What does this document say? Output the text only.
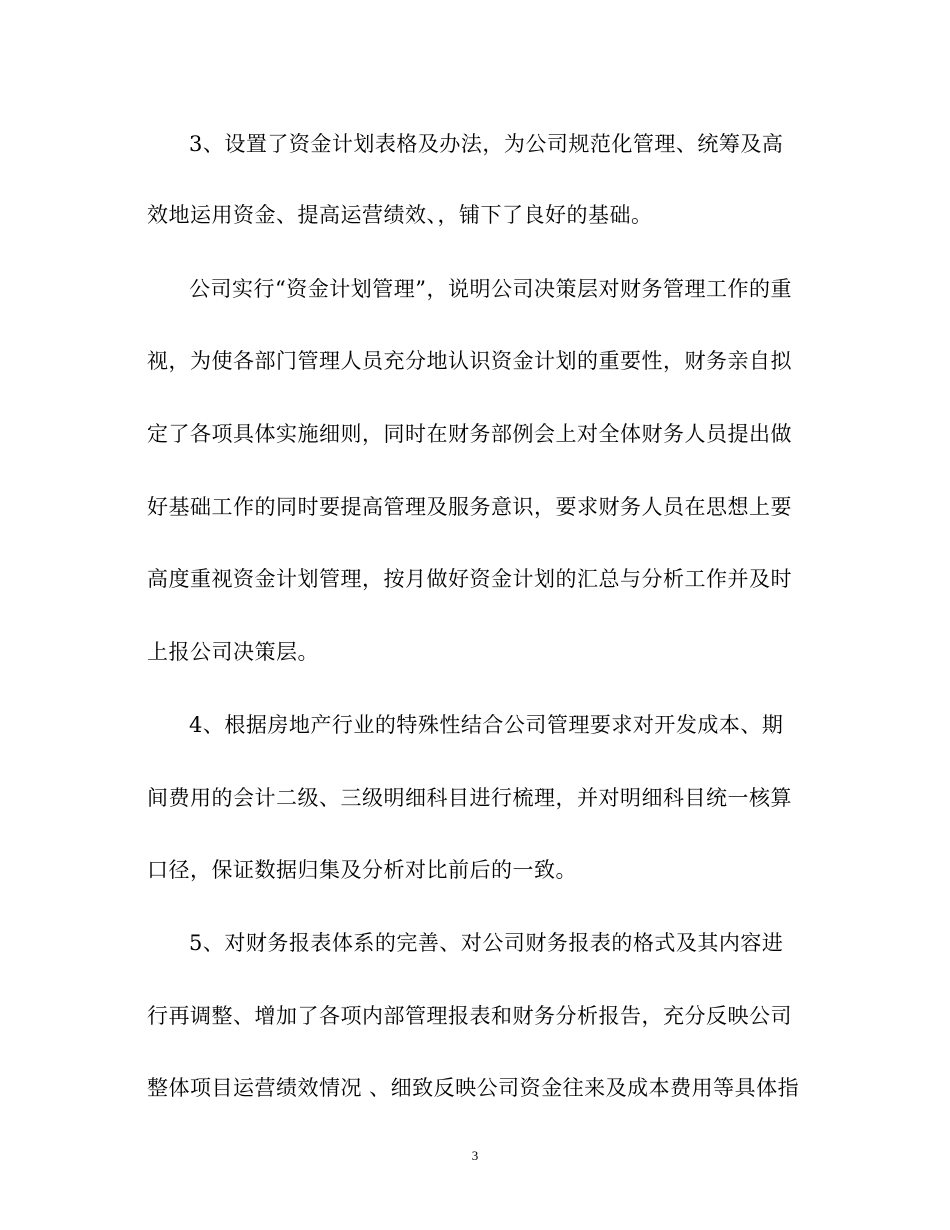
3、设置了资金计划表格及办法，为公司规范化管理、统筹及高
效地运用资金、提高运营绩效、，铺下了良好的基础。
公司实行“资金计划管理”，说明公司决策层对财务管理工作的重
视，为使各部门管理人员充分地认识资金计划的重要性，财务亲自拟
定了各项具体实施细则，同时在财务部例会上对全体财务人员提出做
好基础工作的同时要提高管理及服务意识，要求财务人员在思想上要
高度重视资金计划管理，按月做好资金计划的汇总与分析工作并及时
上报公司决策层。
4、根据房地产行业的特殊性结合公司管理要求对开发成本、期
间费用的会计二级、三级明细科目进行梳理，并对明细科目统一核算
口径，保证数据归集及分析对比前后的一致。
5、对财务报表体系的完善、对公司财务报表的格式及其内容进
行再调整、增加了各项内部管理报表和财务分析报告，充分反映公司
整体项目运营绩效情况 、细致反映公司资金往来及成本费用等具体指
3
